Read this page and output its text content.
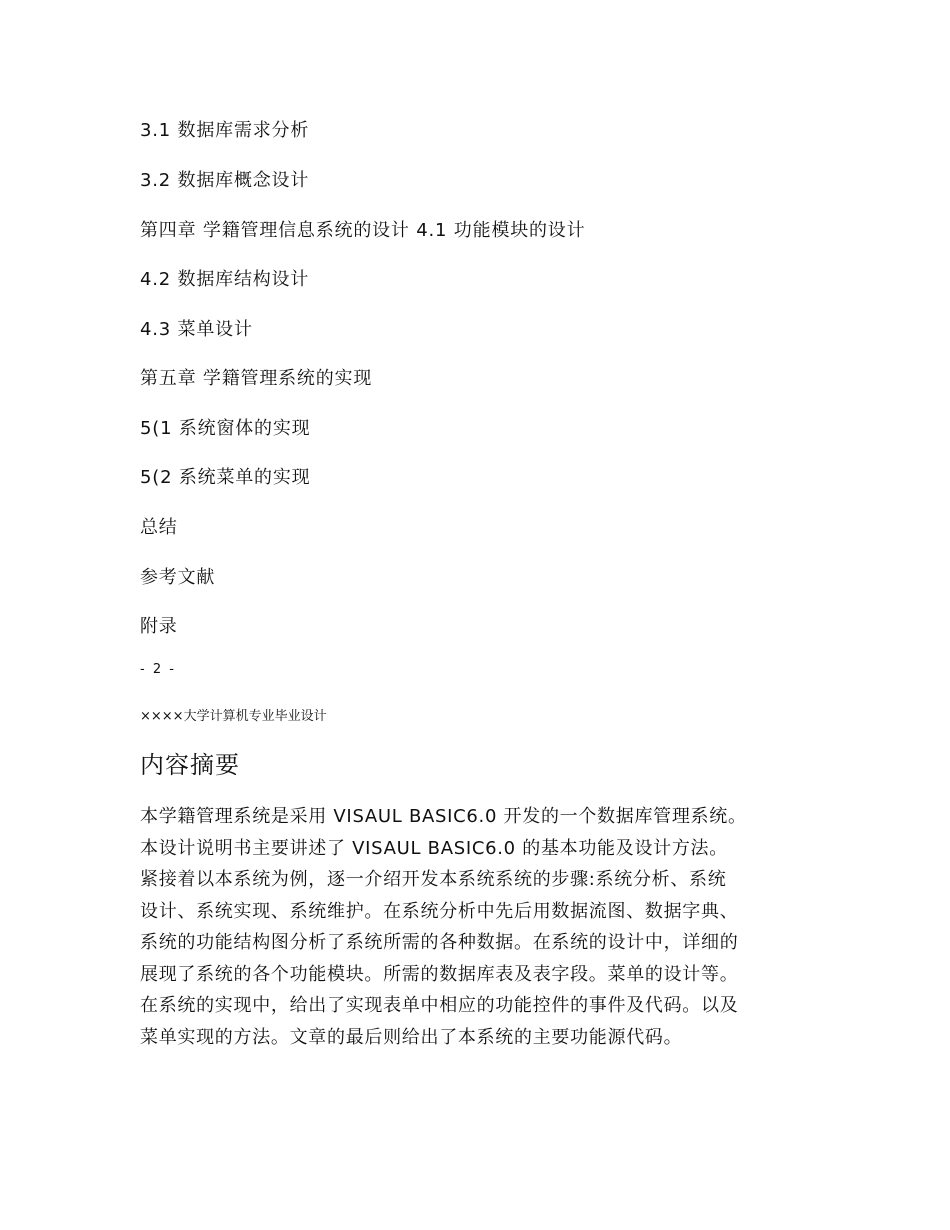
3.1 数据库需求分析
3.2 数据库概念设计
第四章 学籍管理信息系统的设计 4.1 功能模块的设计
4.2 数据库结构设计
4.3 菜单设计
第五章 学籍管理系统的实现
5(1 系统窗体的实现
5(2 系统菜单的实现
总结
参考文献
附录
- 2 -
××××大学计算机专业毕业设计
内容摘要
本学籍管理系统是采用 VISAUL BASIC6.0 开发的一个数据库管理系统。
本设计说明书主要讲述了 VISAUL BASIC6.0 的基本功能及设计方法。
紧接着以本系统为例，逐一介绍开发本系统系统的步骤:系统分析、系统
设计、系统实现、系统维护。在系统分析中先后用数据流图、数据字典、
系统的功能结构图分析了系统所需的各种数据。在系统的设计中，详细的
展现了系统的各个功能模块。所需的数据库表及表字段。菜单的设计等。
在系统的实现中，给出了实现表单中相应的功能控件的事件及代码。以及
菜单实现的方法。文章的最后则给出了本系统的主要功能源代码。
